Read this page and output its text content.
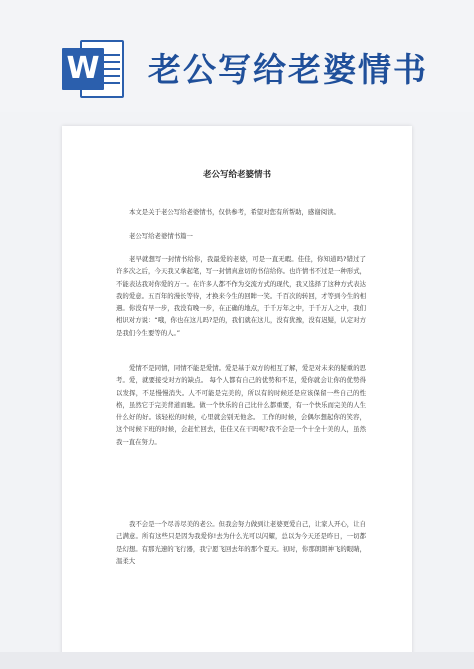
W 老公写给老婆情书
老公写给老婆情书
本文是关于老公写给老婆情书，仅供参考，希望对您有所帮助，感谢阅读。
老公写给老婆情书篇一
老早就想写一封情书给你，我最爱的老婆，可是一直无暇。佳佳，你知道吗?错过了许多次之后，今天我又拿起笔，写一封情真意切的书信给你。也许情书不过是一种形式，不能表达我对你爱的万一。在许多人都不作为交流方式的现代，我又选择了这种方式表达我的爱意。五百年的漫长等待，才换来今生的回眸一笑。千百次的转回，才等到今生的相遇。你没有早一步，我没有晚一步，在正确的地点，于千万年之中，于千万人之中，我们相识对方说：“哦，你也在这儿吗?是的，我们就在这儿，没有犹豫，没有迟疑，认定对方是我们今生要等的人。”
爱情不是同情，同情不能是爱情。爱是基于双方的相互了解，爱是对未来的疑重的思考。爱，就要接受对方的缺点。 每个人都有自己的优势和不足，爱你就会让你的优势得以发挥，不足慢慢消失。人不可能是完美的，所以有的时候还是应该保留一些自己的性格，虽然它于完美背道而驰。做一个快乐的自己比什么都重要，有一个快乐而完美的人生什么好的好。该轻松的时候，心里就会别无他念。 工作的时候，会偶尔想起你的笑容，这个时候下班的时候，会赶忙回去，佳佳又在干吗呢?我不会是一个十全十美的人，虽然我一直在努力。
我不会是一个尽善尽美的老公。但我会努力做到让老婆更爱自己，让家人开心，让自己满意。所有这些只是因为我爱你!去为什么光可以闪耀，总以为今天还是昨日，一切都是幻想。有那光速的飞行器，我宁愿飞回去年的那个夏天。初时，你那朗朗神飞的眼睛，温柔大
